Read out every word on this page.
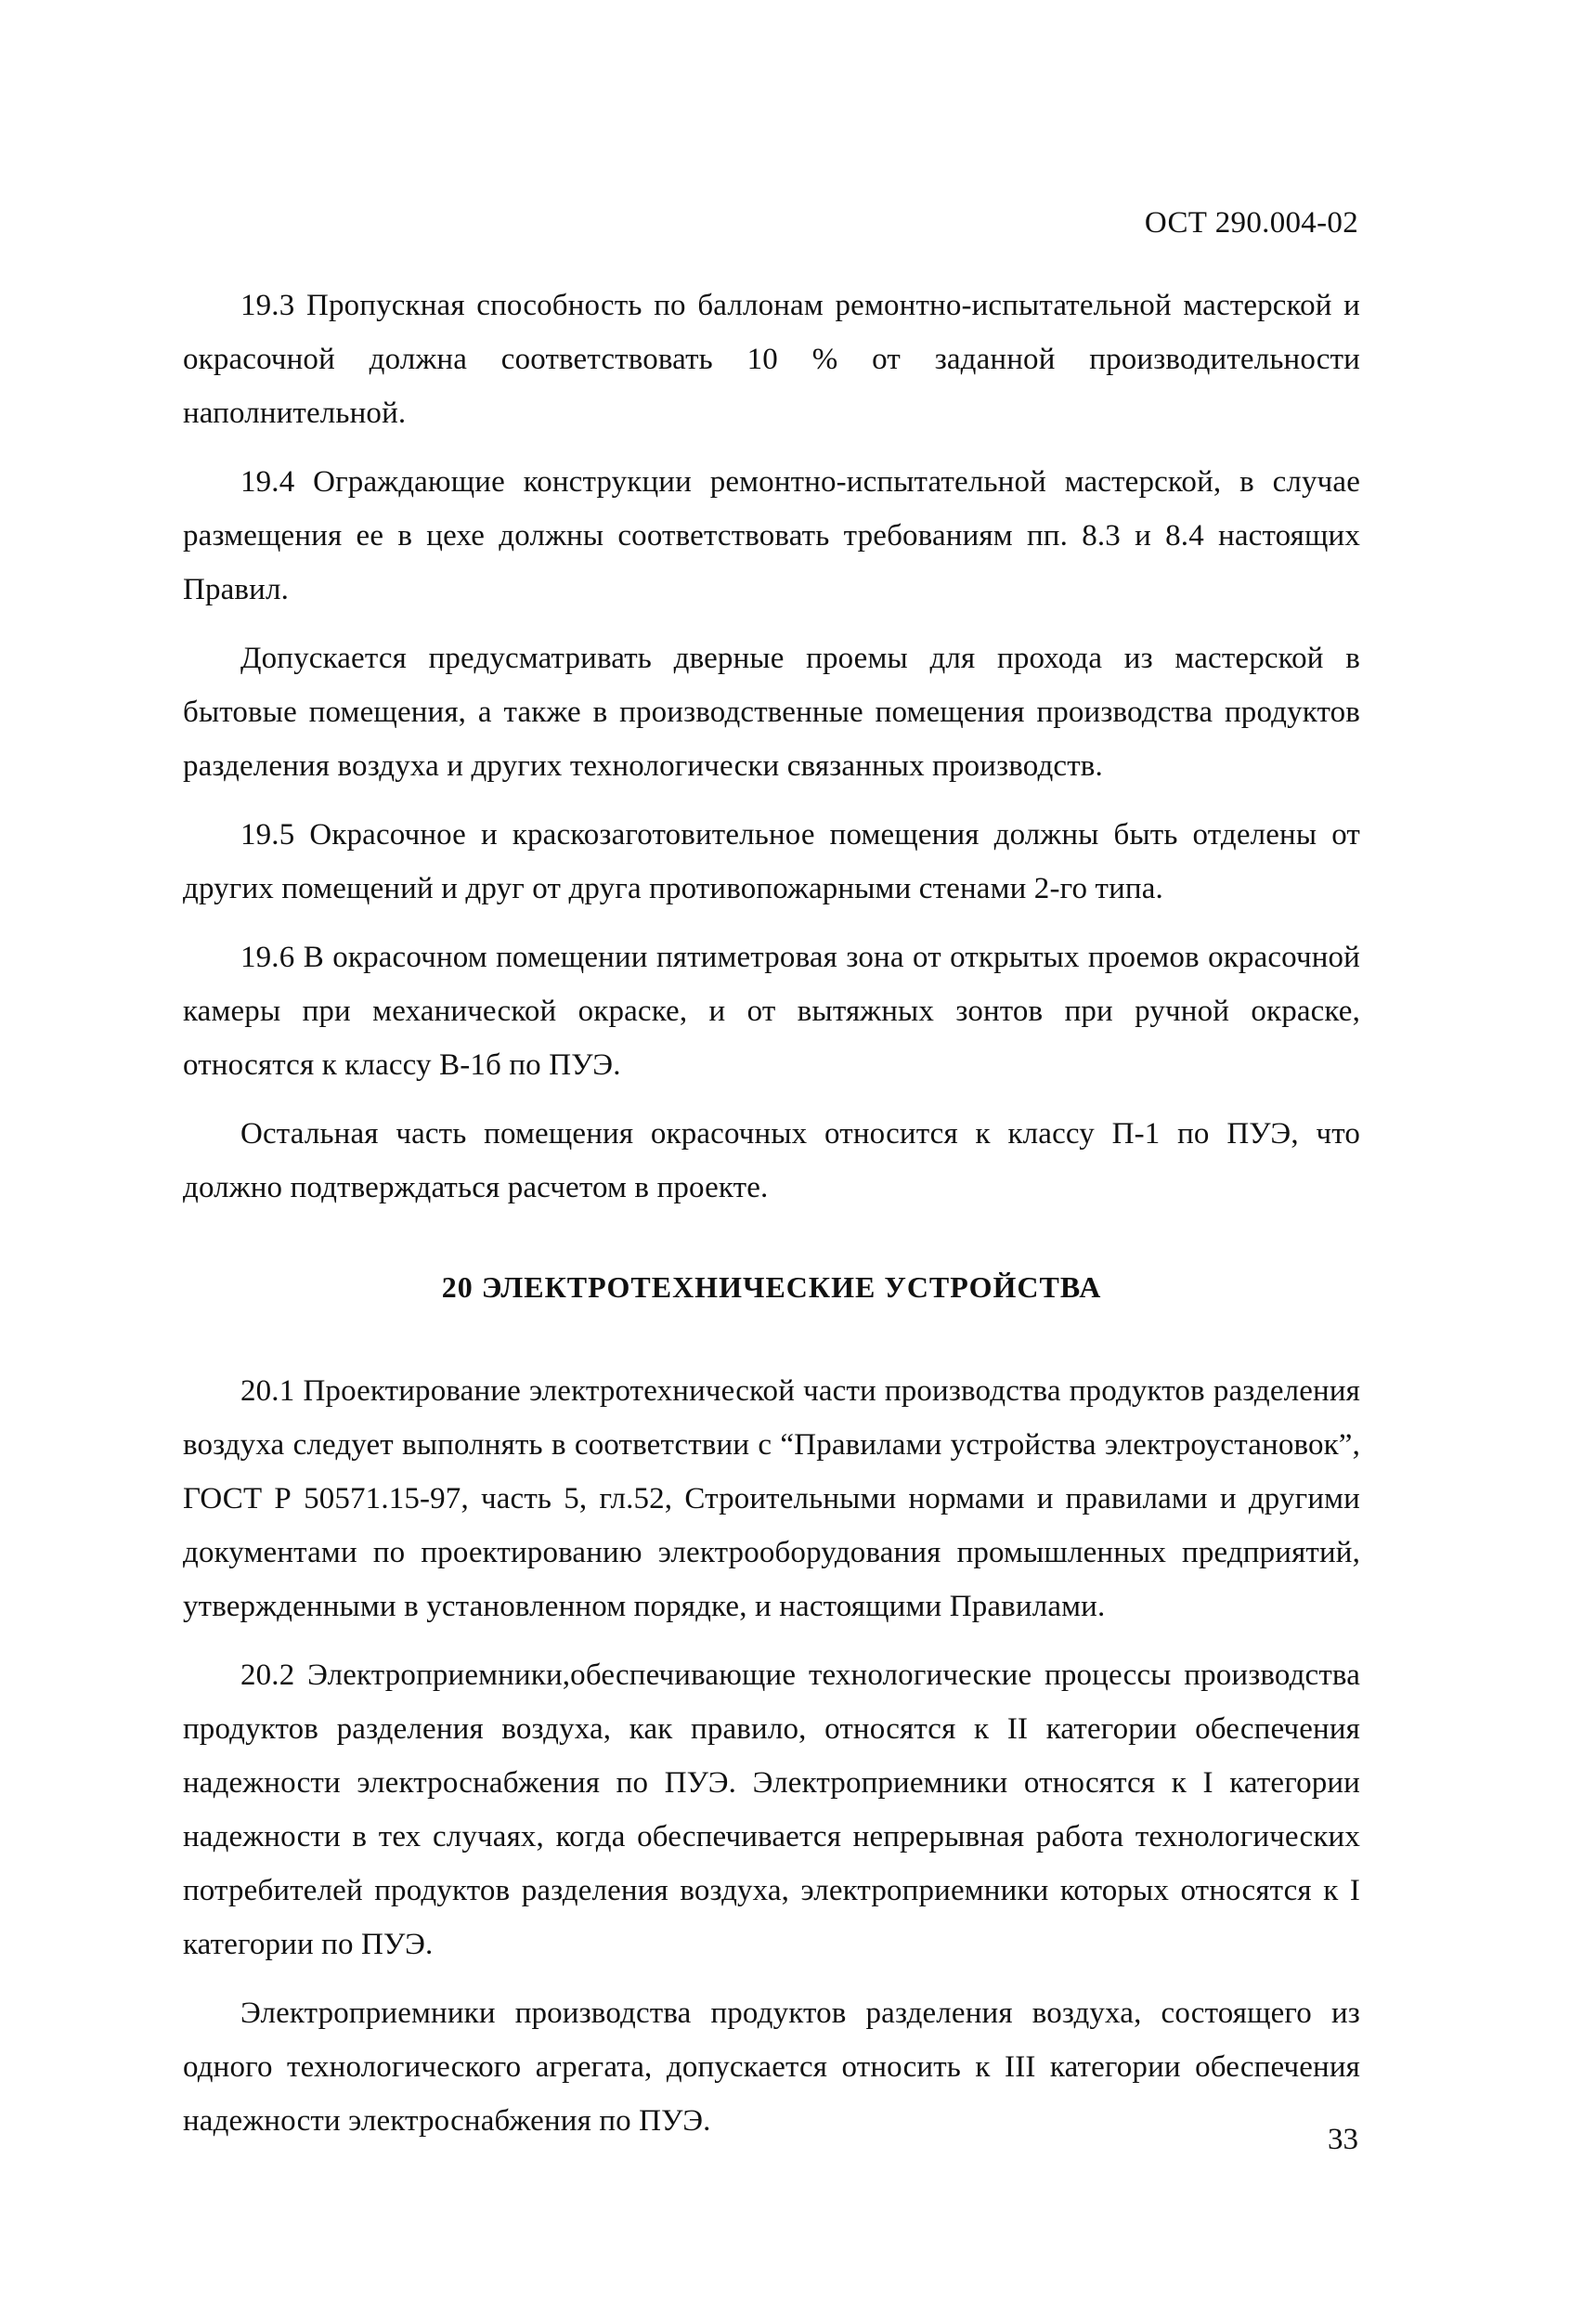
ОСТ 290.004-02

19.3 Пропускная способность по баллонам ремонтно-испытательной мастерской и окрасочной должна соответствовать 10 % от заданной производительности наполнительной.

19.4 Ограждающие конструкции ремонтно-испытательной мастерской, в случае размещения ее в цехе должны соответствовать требованиям пп. 8.3 и 8.4 настоящих Правил.

Допускается предусматривать дверные проемы для прохода из мастерской в бытовые помещения, а также в производственные помещения производства продуктов разделения воздуха и других технологически связанных производств.

19.5 Окрасочное и краскозаготовительное помещения должны быть отделены от других помещений и друг от друга противопожарными стенами 2-го типа.

19.6 В окрасочном помещении пятиметровая зона от открытых проемов окрасочной камеры при механической окраске, и от вытяжных зонтов при ручной окраске, относятся к классу В-1б по ПУЭ.

Остальная часть помещения окрасочных относится к классу П-1 по ПУЭ, что должно подтверждаться расчетом в проекте.

20 ЭЛЕКТРОТЕХНИЧЕСКИЕ УСТРОЙСТВА

20.1 Проектирование электротехнической части производства продуктов разделения воздуха следует выполнять в соответствии с “Правилами устройства электроустановок”, ГОСТ Р 50571.15-97, часть 5, гл.52, Строительными нормами и правилами и другими документами по проектированию электрооборудования промышленных предприятий, утвержденными в установленном порядке, и настоящими Правилами.

20.2 Электроприемники,обеспечивающие технологические процессы производства продуктов разделения воздуха, как правило, относятся к II категории обеспечения надежности электроснабжения по ПУЭ. Электроприемники относятся к I категории надежности в тех случаях, когда обеспечивается непрерывная работа технологических потребителей продуктов разделения воздуха, электроприемники которых относятся к I категории по ПУЭ.

Электроприемники производства продуктов разделения воздуха, состоящего из одного технологического агрегата, допускается относить к III категории обеспечения надежности электроснабжения по ПУЭ.

33
